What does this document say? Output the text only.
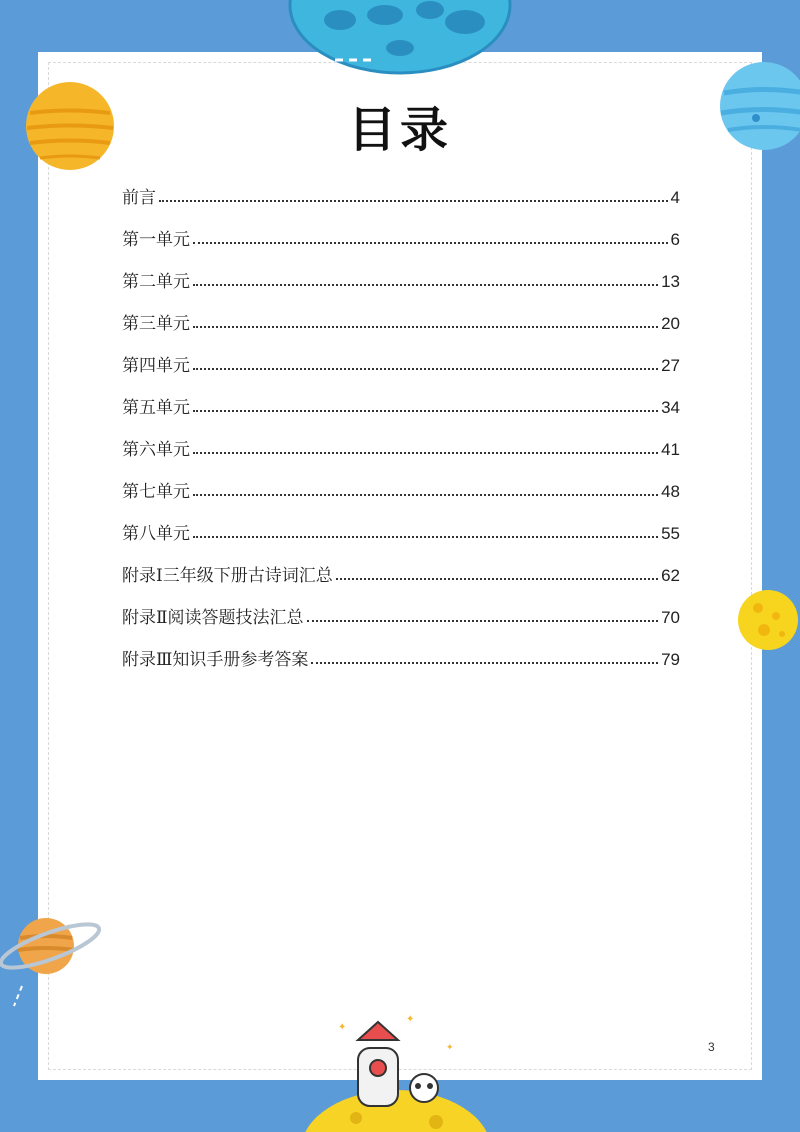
✦
✦
✦
目录
前言	4
第一单元	6
第二单元	13
第三单元	20
第四单元	27
第五单元	34
第六单元	41
第七单元	48
第八单元	55
附录Ⅰ三年级下册古诗词汇总	62
附录Ⅱ阅读答题技法汇总	70
附录Ⅲ知识手册参考答案	79
3
